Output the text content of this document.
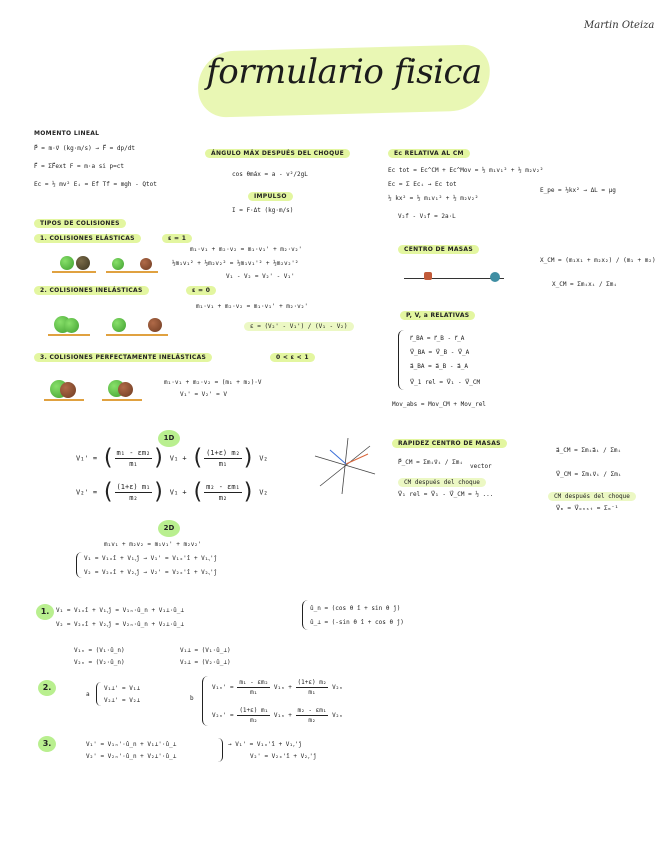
Martin Oteiza
formulario fisica
MOMENTO LINEAL
P⃗ = m·v⃗ (kg·m/s) → F⃗ = dp/dt
F⃗ = ΣF⃗ext F = m·a si p=ct
Ec = ½ mv² Eᵢ = Ef Tf = mgh - Qtot
ÁNGULO MÁX DESPUÉS DEL CHOQUE
cos θmáx = a - v²/2gL
IMPULSO
I = F·Δt (kg·m/s)
Ec RELATIVA AL CM
Ec tot = Ec^CM + Ec^Mov = ½ m₁v₁² + ½ m₂v₂²
Ec = Σ Ecᵢ → Ec tot
½ kx² = ½ m₁v₁² + ½ m₂v₂²
V₂f - V₁f = 2a·L
E_pe = ½kx² → ΔL = μg
TIPOS DE COLISIONES
1. COLISIONES ELÁSTICAS	ε = 1
m₁·v₁ + m₂·v₂ = m₁·v₁' + m₂·v₂'
½m₁v₁² + ½m₂v₂² = ½m₁v₁'² + ½m₂v₂'²
V₁ - V₂ = V₂' - V₁'
2. COLISIONES INELÁSTICAS	ε = 0
m₁·v₁ + m₂·v₂ = m₁·v₁' + m₂·v₂'
ε = (V₂' - V₁') / (V₁ - V₂)
3. COLISIONES PERFECTAMENTE INELÁSTICAS	0 < ε < 1
m₁·v₁ + m₂·v₂ = (m₁ + m₂)·V
V₁' = V₂' = V
CENTRO DE MASAS
X_CM = (m₁x₁ + m₂x₂) / (m₁ + m₂)
X_CM = Σmᵢxᵢ / Σmᵢ
P, V, a RELATIVAS
r⃗_BA = r⃗_B - r⃗_A
V⃗_BA = V⃗_B - V⃗_A
a⃗_BA = a⃗_B - a⃗_A
V⃗_1 rel = V⃗₁ - V⃗_CM
Mov_abs = Mov_CM + Mov_rel
1D
V₁' = ( $\frac{\text{m₁ - εm₂}}{\text{m₁}}$ ) V₁ + ( $\frac{\text{(1+ε) m₂}}{\text{m₁}}$ ) V₂
V₂' = ( $\frac{\text{(1+ε) m₁}}{\text{m₂}}$ ) V₁ + ( $\frac{\text{m₂ - εm₁}}{\text{m₂}}$ ) V₂
RAPIDEZ CENTRO DE MASAS
P⃗_CM = Σmᵢv⃗ᵢ / Σmᵢ
vector
CM después del choque
V⃗₁ rel = V⃗₁ - V⃗_CM = ½ ...
a⃗_CM = Σmᵢa⃗ᵢ / Σmᵢ
V⃗_CM = Σmᵢv⃗ᵢ / Σmᵢ
CM después del choque
V⃗ₘ = V⃗ₒₙₛₜ = Σₘ⁻¹
2D
m₁v₁ + m₂v₂ = m₁v₁' + m₂v₂'
V₁ = V₁ₓî + V₁ᵧĵ → V₁' = V₁ₓ'î + V₁ᵧ'ĵ
V₂ = V₂ₓî + V₂ᵧĵ → V₂' = V₂ₓ'î + V₂ᵧ'ĵ
1.	V₁ = V₁ₓî + V₁ᵧĵ = V₁ₙ·û_n + V₁⊥·û_⊥
V₂ = V₂ₓî + V₂ᵧĵ = V₂ₙ·û_n + V₂⊥·û_⊥
û_n = (cos θ î + sin θ ĵ)
û_⊥ = (-sin θ î + cos θ ĵ)
V₁ₙ = (V₁·û_n)
V₂ₙ = (V₂·û_n)
V₁⊥ = (V₁·û_⊥)
V₂⊥ = (V₂·û_⊥)
2.
a
V₁⊥' = V₁⊥
V₂⊥' = V₂⊥	b
$V_{1n}' = \frac{\text{m₁ - εm₂}}{\text{m₁}} V_{1n} + \frac{\text{(1+ε) m₂}}{\text{m₁}} V_{2n}$
$V_{2n}' = \frac{\text{(1+ε) m₁}}{\text{m₂}} V_{1n} + \frac{\text{m₂ - εm₁}}{\text{m₂}} V_{2n}$
3.	V₁' = V₁ₙ'·û_n + V₁⊥'·û_⊥
V₂' = V₂ₙ'·û_n + V₂⊥'·û_⊥
→ V₁' = V₁ₓ'î + V₁ᵧ'ĵ
V₂' = V₂ₓ'î + V₂ᵧ'ĵ
